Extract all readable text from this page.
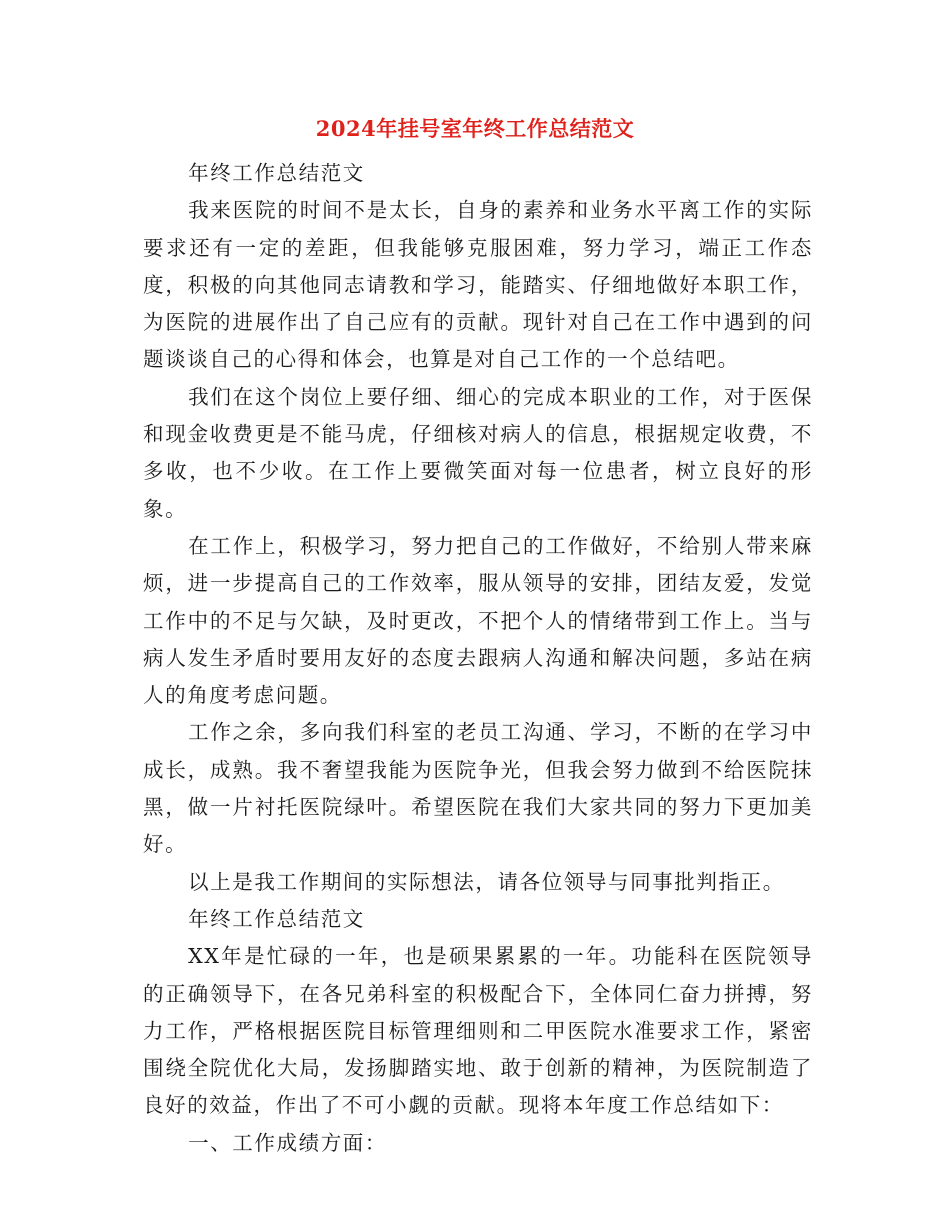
2024年挂号室年终工作总结范文

年终工作总结范文

我来医院的时间不是太长，自身的素养和业务水平离工作的实际要求还有一定的差距，但我能够克服困难，努力学习，端正工作态度，积极的向其他同志请教和学习，能踏实、仔细地做好本职工作，为医院的进展作出了自己应有的贡献。现针对自己在工作中遇到的问题谈谈自己的心得和体会，也算是对自己工作的一个总结吧。

我们在这个岗位上要仔细、细心的完成本职业的工作，对于医保和现金收费更是不能马虎，仔细核对病人的信息，根据规定收费，不多收，也不少收。在工作上要微笑面对每一位患者，树立良好的形象。

在工作上，积极学习，努力把自己的工作做好，不给别人带来麻烦，进一步提高自己的工作效率，服从领导的安排，团结友爱，发觉工作中的不足与欠缺，及时更改，不把个人的情绪带到工作上。当与病人发生矛盾时要用友好的态度去跟病人沟通和解决问题，多站在病人的角度考虑问题。

工作之余，多向我们科室的老员工沟通、学习，不断的在学习中成长，成熟。我不奢望我能为医院争光，但我会努力做到不给医院抹黑，做一片衬托医院绿叶。希望医院在我们大家共同的努力下更加美好。

以上是我工作期间的实际想法，请各位领导与同事批判指正。

年终工作总结范文

XX年是忙碌的一年，也是硕果累累的一年。功能科在医院领导的正确领导下，在各兄弟科室的积极配合下，全体同仁奋力拼搏，努力工作，严格根据医院目标管理细则和二甲医院水准要求工作，紧密围绕全院优化大局，发扬脚踏实地、敢于创新的精神，为医院制造了良好的效益，作出了不可小觑的贡献。现将本年度工作总结如下：

一、工作成绩方面：
